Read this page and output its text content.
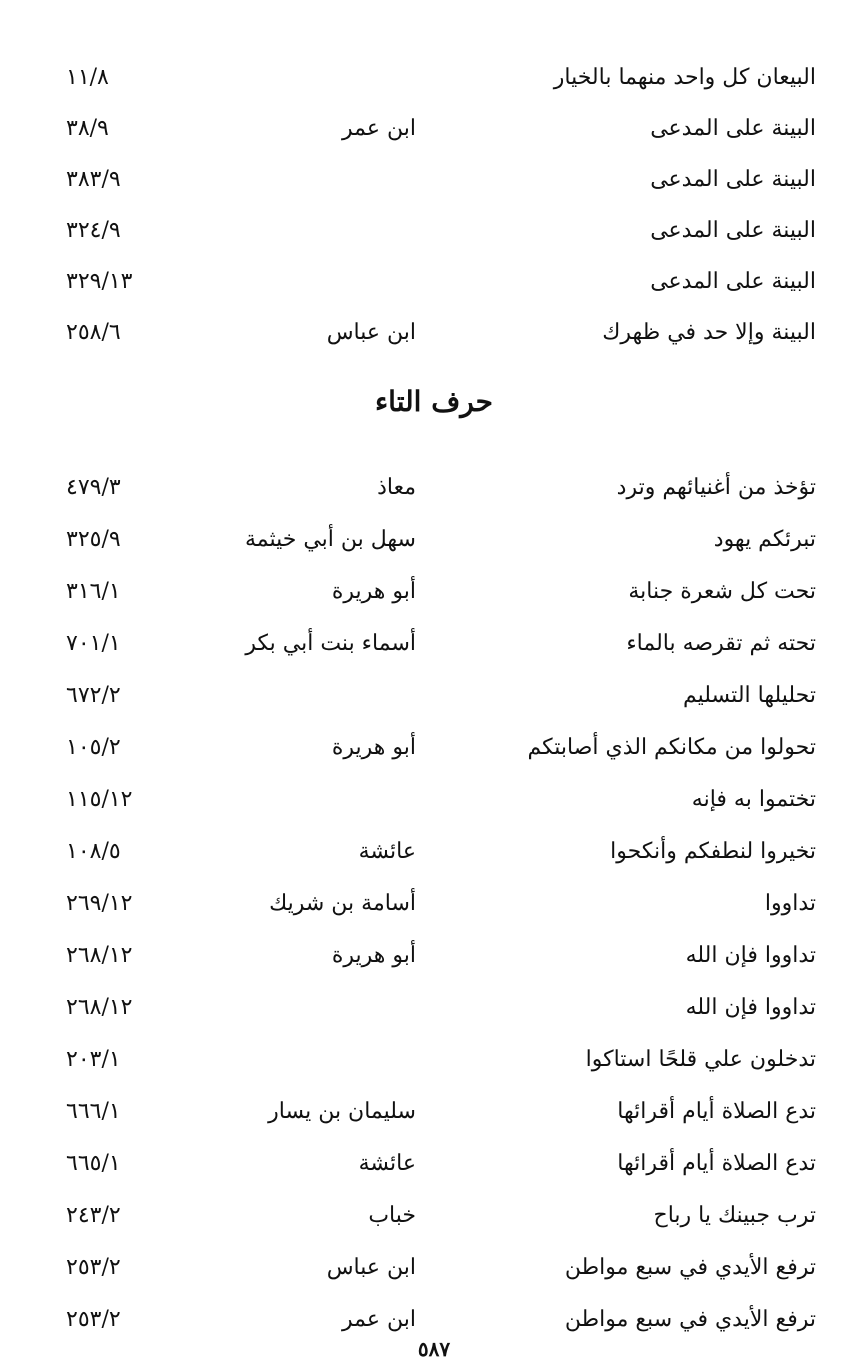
البيعان كل واحد منهما بالخيار
١١/٨
البينة على المدعى
ابن عمر
٣٨/٩
البينة على المدعى
٣٨٣/٩
البينة على المدعى
٣٢٤/٩
البينة على المدعى
٣٢٩/١٣
البينة وإلا حد في ظهرك
ابن عباس
٢٥٨/٦
حرف التاء
تؤخذ من أغنيائهم وترد
معاذ
٤٧٩/٣
تبرئكم يهود
سهل بن أبي خيثمة
٣٢٥/٩
تحت كل شعرة جنابة
أبو هريرة
٣١٦/١
تحته ثم تقرصه بالماء
أسماء بنت أبي بكر
٧٠١/١
تحليلها التسليم
٦٧٢/٢
تحولوا من مكانكم الذي أصابتكم
أبو هريرة
١٠٥/٢
تختموا به فإنه
١١٥/١٢
تخيروا لنطفكم وأنكحوا
عائشة
١٠٨/٥
تداووا
أسامة بن شريك
٢٦٩/١٢
تداووا فإن الله
أبو هريرة
٢٦٨/١٢
تداووا فإن الله
٢٦٨/١٢
تدخلون علي قلحًا استاكوا
٢٠٣/١
تدع الصلاة أيام أقرائها
سليمان بن يسار
٦٦٦/١
تدع الصلاة أيام أقرائها
عائشة
٦٦٥/١
ترب جبينك يا رباح
خباب
٢٤٣/٢
ترفع الأيدي في سبع مواطن
ابن عباس
٢٥٣/٢
ترفع الأيدي في سبع مواطن
ابن عمر
٢٥٣/٢
٥٨٧
